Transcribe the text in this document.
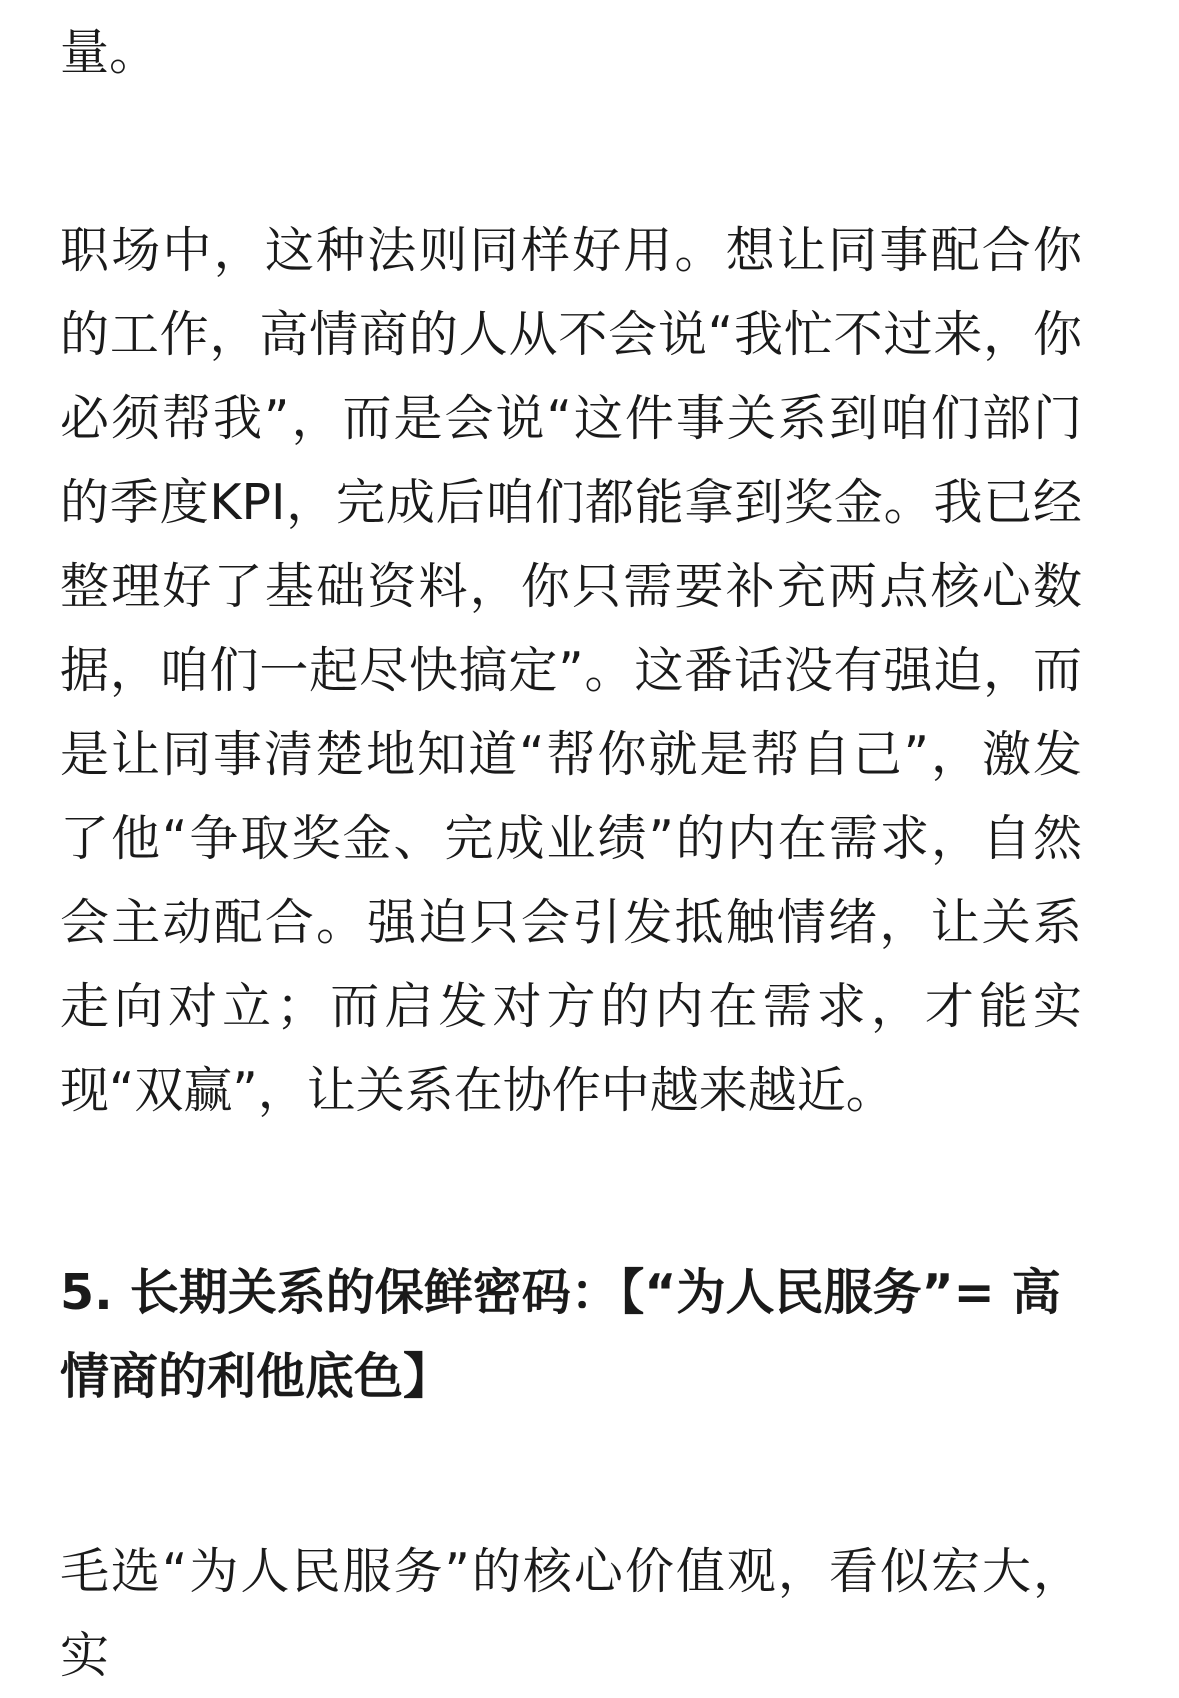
量。

职场中，这种法则同样好用。想让同事配合你的工作，高情商的人从不会说“我忙不过来，你必须帮我”，而是会说“这件事关系到咱们部门的季度KPI，完成后咱们都能拿到奖金。我已经整理好了基础资料，你只需要补充两点核心数据，咱们一起尽快搞定”。这番话没有强迫，而是让同事清楚地知道“帮你就是帮自己”，激发了他“争取奖金、完成业绩”的内在需求，自然会主动配合。强迫只会引发抵触情绪，让关系走向对立；而启发对方的内在需求，才能实现“双赢”，让关系在协作中越来越近。

5. 长期关系的保鲜密码：【“为人民服务”= 高情商的利他底色】

毛选“为人民服务”的核心价值观，看似宏大，实
